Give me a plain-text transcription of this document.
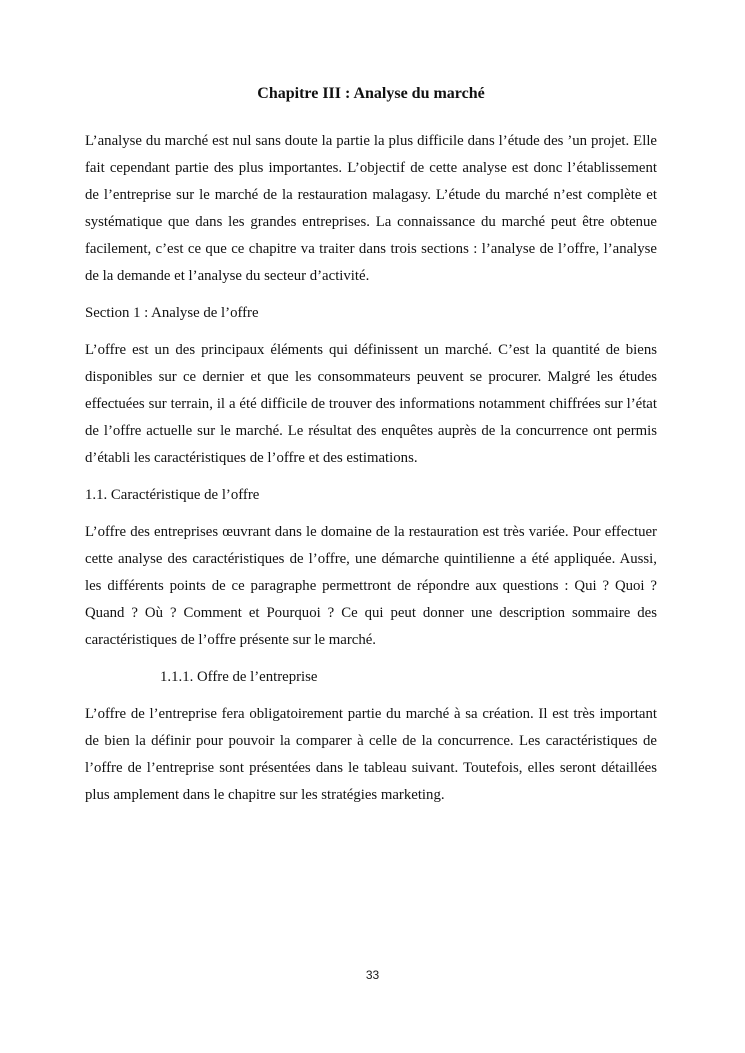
Chapitre III : Analyse du marché

L’analyse du marché est nul sans doute la partie la plus difficile dans l’étude des ’un projet. Elle fait cependant partie des plus importantes. L’objectif de cette analyse est donc l’établissement de l’entreprise sur le marché de la restauration malagasy. L’étude du marché n’est complète et systématique que dans les grandes entreprises. La connaissance du marché peut être obtenue facilement, c’est ce que ce chapitre va traiter dans trois sections : l’analyse de l’offre, l’analyse de la demande et l’analyse du secteur d’activité.

Section 1 : Analyse de l’offre

L’offre est un des principaux éléments qui définissent un marché. C’est la quantité de biens disponibles sur ce dernier et que les consommateurs peuvent se procurer. Malgré les études effectuées sur terrain, il a été difficile de trouver des informations notamment chiffrées sur l’état de l’offre actuelle sur le marché. Le résultat des enquêtes auprès de la concurrence ont permis d’établi les caractéristiques de l’offre et des estimations.

1.1. Caractéristique de l’offre

L’offre des entreprises œuvrant dans le domaine de la restauration est très variée. Pour effectuer cette analyse des caractéristiques de l’offre, une démarche quintilienne a été appliquée. Aussi, les différents points de ce paragraphe permettront de répondre aux questions : Qui ? Quoi ? Quand ? Où ? Comment et Pourquoi ? Ce qui peut donner une description sommaire des caractéristiques de l’offre présente sur le marché.

1.1.1. Offre de l’entreprise

L’offre de l’entreprise fera obligatoirement partie du marché à sa création. Il est très important de bien la définir pour pouvoir la comparer à celle de la concurrence. Les caractéristiques de l’offre de l’entreprise sont présentées dans le tableau suivant. Toutefois, elles seront détaillées plus amplement dans le chapitre sur les stratégies marketing.

33
